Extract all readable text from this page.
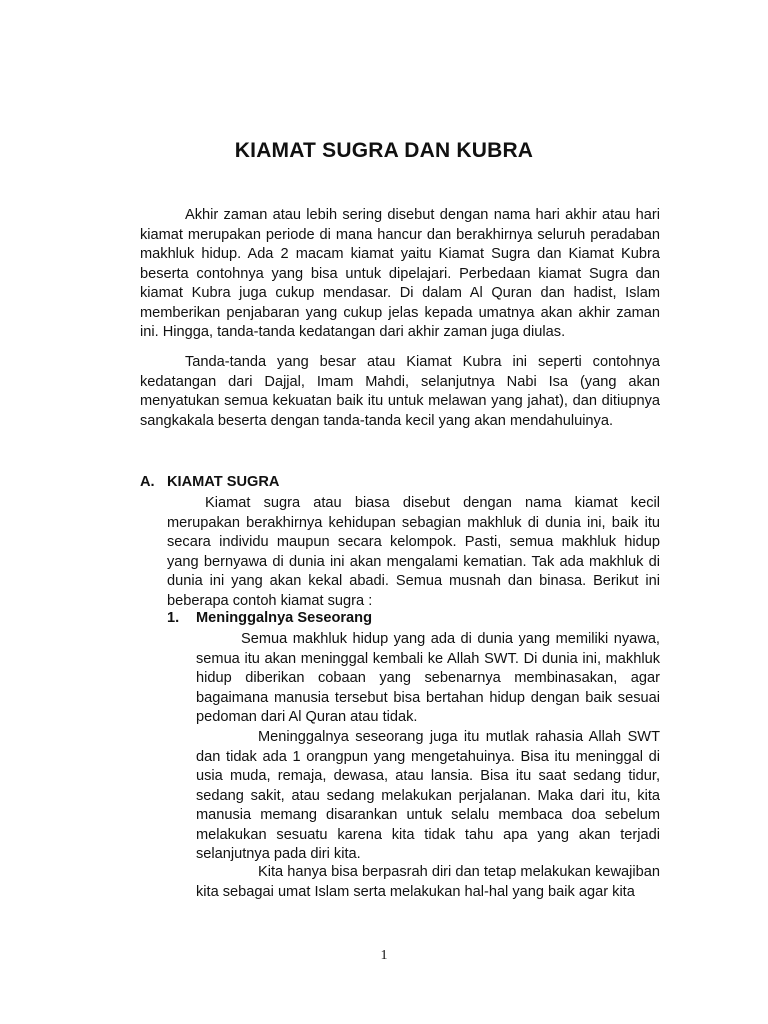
KIAMAT SUGRA DAN KUBRA

Akhir zaman atau lebih sering disebut dengan nama hari akhir atau hari kiamat merupakan periode di mana hancur dan berakhirnya seluruh peradaban makhluk hidup. Ada 2 macam kiamat yaitu Kiamat Sugra dan Kiamat Kubra beserta contohnya yang bisa untuk dipelajari. Perbedaan kiamat Sugra dan kiamat Kubra juga cukup mendasar. Di dalam Al Quran dan hadist, Islam memberikan penjabaran yang cukup jelas kepada umatnya akan akhir zaman ini. Hingga, tanda-tanda kedatangan dari akhir zaman juga diulas.

Tanda-tanda yang besar atau Kiamat Kubra ini seperti contohnya kedatangan dari Dajjal, Imam Mahdi, selanjutnya Nabi Isa (yang akan menyatukan semua kekuatan baik itu untuk melawan yang jahat), dan ditiupnya sangkakala beserta dengan tanda-tanda kecil yang akan mendahuluinya.

A. KIAMAT SUGRA

Kiamat sugra atau biasa disebut dengan nama kiamat kecil merupakan berakhirnya kehidupan sebagian makhluk di dunia ini, baik itu secara individu maupun secara kelompok. Pasti, semua makhluk hidup yang bernyawa di dunia ini akan mengalami kematian. Tak ada makhluk di dunia ini yang akan kekal abadi. Semua musnah dan binasa. Berikut ini beberapa contoh kiamat sugra :

1. Meninggalnya Seseorang

Semua makhluk hidup yang ada di dunia yang memiliki nyawa, semua itu akan meninggal kembali ke Allah SWT. Di dunia ini, makhluk hidup diberikan cobaan yang sebenarnya membinasakan, agar bagaimana manusia tersebut bisa bertahan hidup dengan baik sesuai pedoman dari Al Quran atau tidak.

Meninggalnya seseorang juga itu mutlak rahasia Allah SWT dan tidak ada 1 orangpun yang mengetahuinya. Bisa itu meninggal di usia muda, remaja, dewasa, atau lansia. Bisa itu saat sedang tidur, sedang sakit, atau sedang melakukan perjalanan. Maka dari itu, kita manusia memang disarankan untuk selalu membaca doa sebelum melakukan sesuatu karena kita tidak tahu apa yang akan terjadi selanjutnya pada diri kita.

Kita hanya bisa berpasrah diri dan tetap melakukan kewajiban kita sebagai umat Islam serta melakukan hal-hal yang baik agar kita

1
